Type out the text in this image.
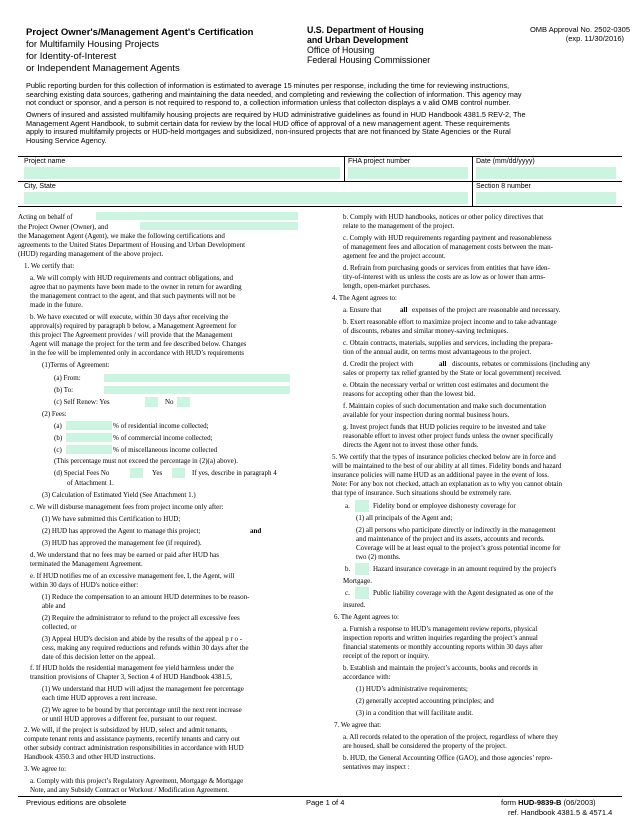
Project Owner's/Management Agent's Certification
for Multifamily Housing Projects
for Identity-of-Interest
or Independent Management Agents
U.S. Department of Housing
and Urban Development
Office of Housing
Federal Housing Commissioner
OMB Approval No. 2502-0305
(exp. 11/30/2016)
Public reporting burden for this collection of information is estimated to average 15 minutes per response, including the time for reviewing instructions,
searching existing data sources, gathering and maintaining the data needed, and completing and reviewing the collection of information. This agency may
not conduct or sponsor, and a person is not required to respond to, a collection information unless that collecton displays a v alid OMB control number.
Owners of insured and assisted multifamily housing projects are required by HUD administrative guidelines as found in HUD Handbook 4381.5 REV-2, The
Management Agent Handbook, to submit certain data for review by the local HUD office of approval of a new management agent. These requirements
apply to insured multifamily projects or HUD-held mortgages and subsidized, non-insured projects that are not financed by State Agencies or the Rural
Housing Service Agency.
Project name	FHA project number	Date (mm/dd/yyyy)
City, State	Section 8 number
Acting on behalf of
the Project Owner (Owner), and
the Management Agent (Agent), we make the following certifications and
agreements to the United States Department of Housing and Urban Development
(HUD) regarding management of the above project.
1. We certify that:
a. We will comply with HUD requirements and contract obligations, and
agree that no payments have been made to the owner in return for awarding
the management contract to the agent, and that such payments will not be
made in the future.
b. We have executed or will execute, within 30 days after receiving the
approval(s) required by paragraph b below, a Management Agreement for
this project The Agreement provides / will provide that the Management
Agent will manage the project for the term and fee described below. Changes
in the fee will be implemented only in accordance with HUD’s requirements
(1)Terms of Agreement:
(a) From:
(b) To:
(c) Self Renew: Yes	No
(2) Fees:
(a)	% of residential income collected;
(b)	% of commercial income collected;
(c)	% of miscellaneous income collected
(This percentage must not exceed the percentage in (2)(a) above).
(d) Special Fees No	Yes	If yes, describe in paragraph 4
of Attachment 1.
(3) Calculation of Estimated Yield (See Attachment 1.)
c. We will disburse management fees from project income only after:
(1) We have submitted this Certification to HUD;
(2) HUD has approved the Agent to manage this project;	and
(3) HUD has approved the management fee (if required).
d. We understand that no fees may be earned or paid after HUD has
terminated the Management Agreement.
e. If HUD notifies me of an excessive management fee, I, the Agent, will
within 30 days of HUD's notice either:
(1) Reduce the compensation to an amount HUD determines to be reason-
able and
(2) Require the administrator to refund to the project all excessive fees
collected, or
(3) Appeal HUD's decision and abide by the results of the appeal p r o -
cess, making any required reductions and refunds within 30 days after the
date of this decision letter on the appeal.
f. If HUD holds the residential management fee yield harmless under the
transition provisions of Chapter 3, Section 4 of HUD Handbook 4381.5,
(1) We understand that HUD will adjust the management fee percentage
each time HUD approves a rent increase.
(2) We agree to be bound by that percentage until the next rent increase
or until HUD approves a different fee, pursuant to our request.
2. We will, if the project is subsidized by HUD, select and admit tenants,
compute tenant rents and assistance payments, recertify tenants and carry out
other subsidy contract administration responsibilities in accordance with HUD
Handbook 4350.3 and other HUD instructions.
3. We agree to:
a. Comply with this project’s Regulatory Agreement, Mortgage & Mortgage
Note, and any Subsidy Contract or Workout / Modification Agreement.
b. Comply with HUD handbooks, notices or other policy directives that
relate to the management of the project.
c. Comply with HUD requirements regarding payment and reasonableness
of management fees and allocation of management costs between the man-
agement fee and the project account.
d. Refrain from purchasing goods or services from entities that have iden-
tity-of-interest with us unless the costs are as low as or lower than arms-
length, open-market purchases.
4. The Agent agrees to:
a. Ensure that	all expenses of the project are reasonable and necessary.
b. Exert reasonable effort to maximize project income and to take advantage
of discounts, rebates and similar money-saving techniques.
c. Obtain contracts, materials, supplies and services, including the prepara-
tion of the annual audit, on terms most advantageous to the project.
d. Credit the project with	all discounts, rebates or commissions (including any
sales or property tax relief granted by the State or local government) received.
e. Obtain the necessary verbal or written cost estimates and document the
reasons for accepting other than the lowest bid.
f. Maintain copies of such documentation and make such documentation
available for your inspection during normal business hours.
g. Invest project funds that HUD policies require to be invested and take
reasonable effort to invest other project funds unless the owner specifically
directs the Agent not to invest those other funds.
5. We certify that the types of insurance policies checked below are in force and
will be maintained to the best of our ability at all times. Fidelity bonds and hazard
insurance policies will name HUD as an additional payee in the event of loss.
Note: For any box not checked, attach an explanation as to why you cannot obtain
that type of insurance. Such situations should be extremely rare.
a.	Fidelity bond or employee dishonesty coverage for
(1) all principals of the Agent and;
(2) all persons who participate directly or indirectly in the management
and maintenance of the project and its assets, accounts and records.
Coverage will be at least equal to the project’s gross potential income for
two (2) months.
b.	Hazard insurance coverage in an amount required by the project's
Mortgage.
c.	Public liability coverage with the Agent designated as one of the
insured.
6. The Agent agrees to:
a. Furnish a response to HUD’s management review reports, physical
inspection reports and written inquiries regarding the project’s annual
financial statements or monthly accounting reports within 30 days after
receipt of the report or inquiry.
b. Establish and maintain the project’s accounts, books and records in
accordance with:
(1) HUD’s administrative requirements;
(2) generally accepted accounting principles; and
(3) in a condition that will facilitate audit.
7. We agree that:
a. All records related to the operation of the project, regardless of where they
are housed, shall be considered the property of the project.
b. HUD, the General Accounting Office (GAO), and those agencies’ repre-
sentatives may inspect :
Previous editions are obsolete	Page 1 of 4	form HUD-9839-B (06/2003)
ref. Handbook 4381.5 & 4571.4
